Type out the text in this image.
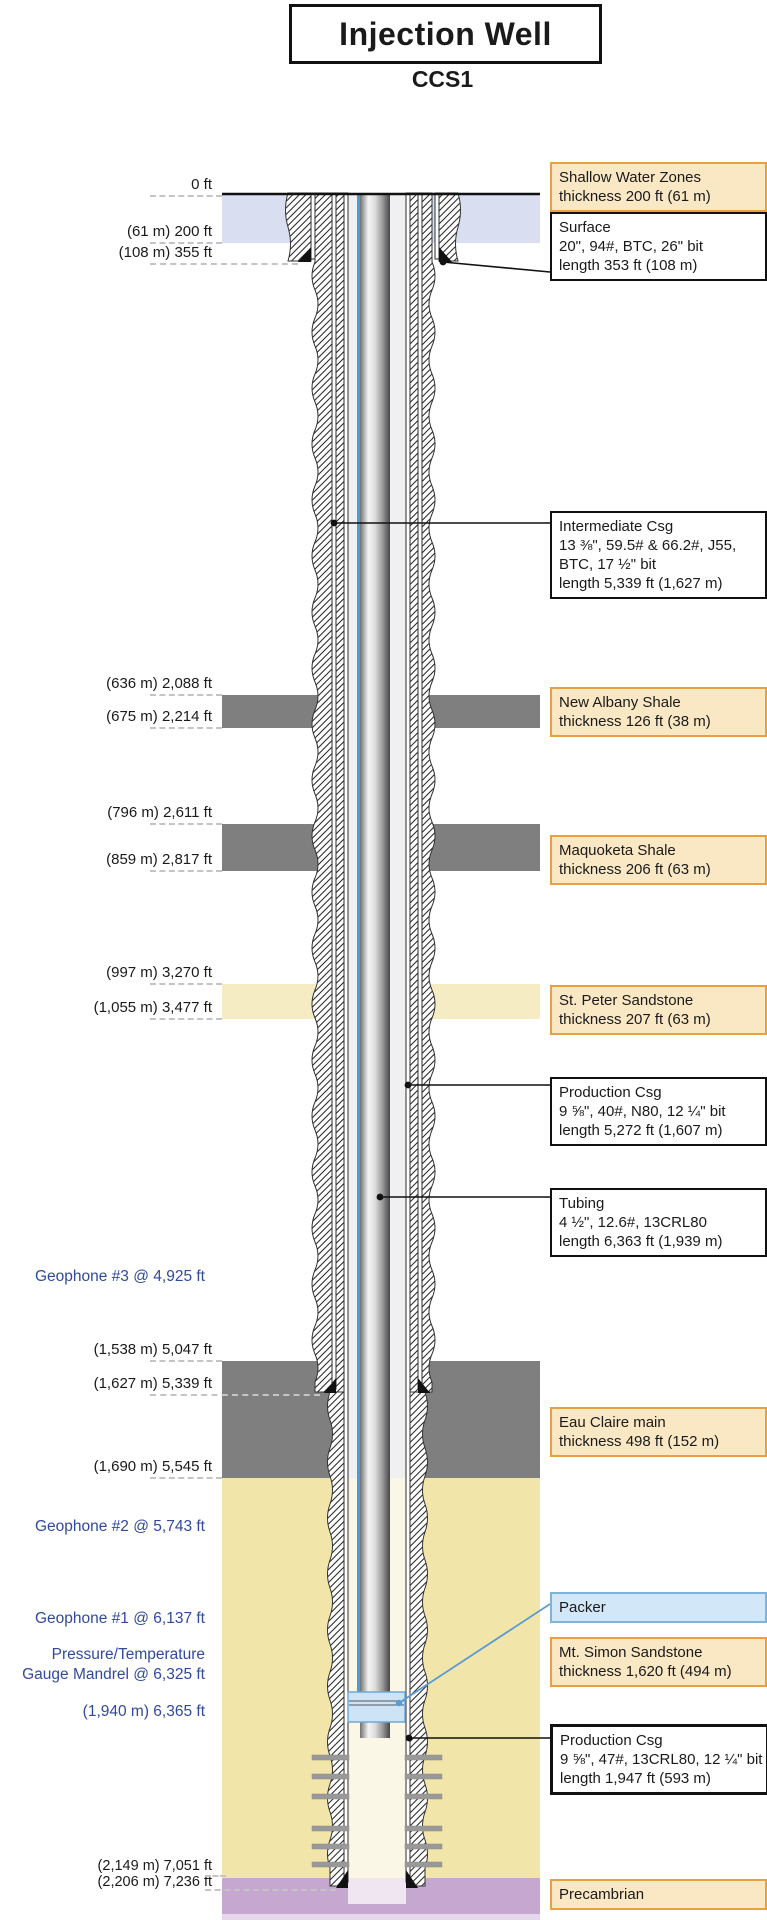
Injection Well
CCS1
0 ft
(61 m) 200 ft
(108 m) 355 ft
(636 m) 2,088 ft
(675 m) 2,214 ft
(796 m) 2,611 ft
(859 m) 2,817 ft
(997 m) 3,270 ft
(1,055 m) 3,477 ft
(1,538 m) 5,047 ft
(1,627 m) 5,339 ft
(1,690 m) 5,545 ft
(2,149 m) 7,051 ft
(2,206 m) 7,236 ft
Geophone #3 @ 4,925 ft
Geophone #2 @ 5,743 ft
Geophone #1 @ 6,137 ft
Pressure/Temperature
Gauge Mandrel @ 6,325 ft
(1,940 m) 6,365 ft
Shallow Water Zones
thickness 200 ft (61 m)
Surface
20", 94#, BTC, 26" bit
length 353 ft (108 m)
Intermediate Csg
13 ⅜", 59.5# & 66.2#, J55,
BTC, 17 ½" bit
length 5,339 ft (1,627 m)
New Albany Shale
thickness 126 ft (38 m)
Maquoketa Shale
thickness 206 ft (63 m)
St. Peter Sandstone
thickness 207 ft (63 m)
Production Csg
9 ⅝", 40#, N80, 12 ¼" bit
length 5,272 ft (1,607 m)
Tubing
4 ½", 12.6#, 13CRL80
length 6,363 ft (1,939 m)
Eau Claire main
thickness 498 ft (152 m)
Packer
Mt. Simon Sandstone
thickness 1,620 ft (494 m)
Production Csg
9 ⅝", 47#, 13CRL80, 12 ¼" bit
length 1,947 ft (593 m)
Precambrian
